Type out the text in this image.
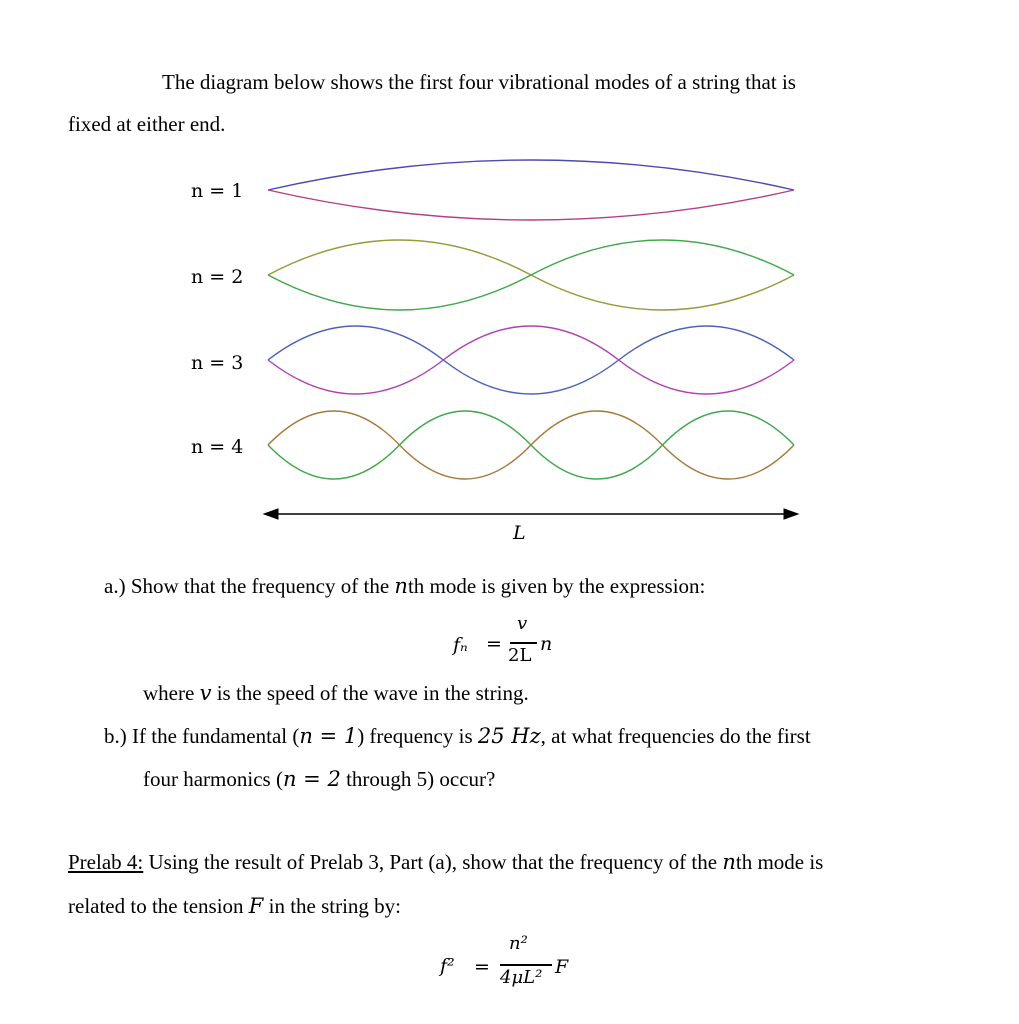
The diagram below shows the first four vibrational modes of a string that is
fixed at either end.
n = 1
n = 2
n = 3
n = 4
L
a.) Show that the frequency of the nth mode is given by the expression:
fₙ =
v
2L
n
where v is the speed of the wave in the string.
b.) If the fundamental (n = 1) frequency is 25 Hz, at what frequencies do the first
four harmonics (n = 2 through 5) occur?
Prelab 4: Using the result of Prelab 3, Part (a), show that the frequency of the nth mode is
related to the tension F in the string by:
f² =
n²
4μL² F
